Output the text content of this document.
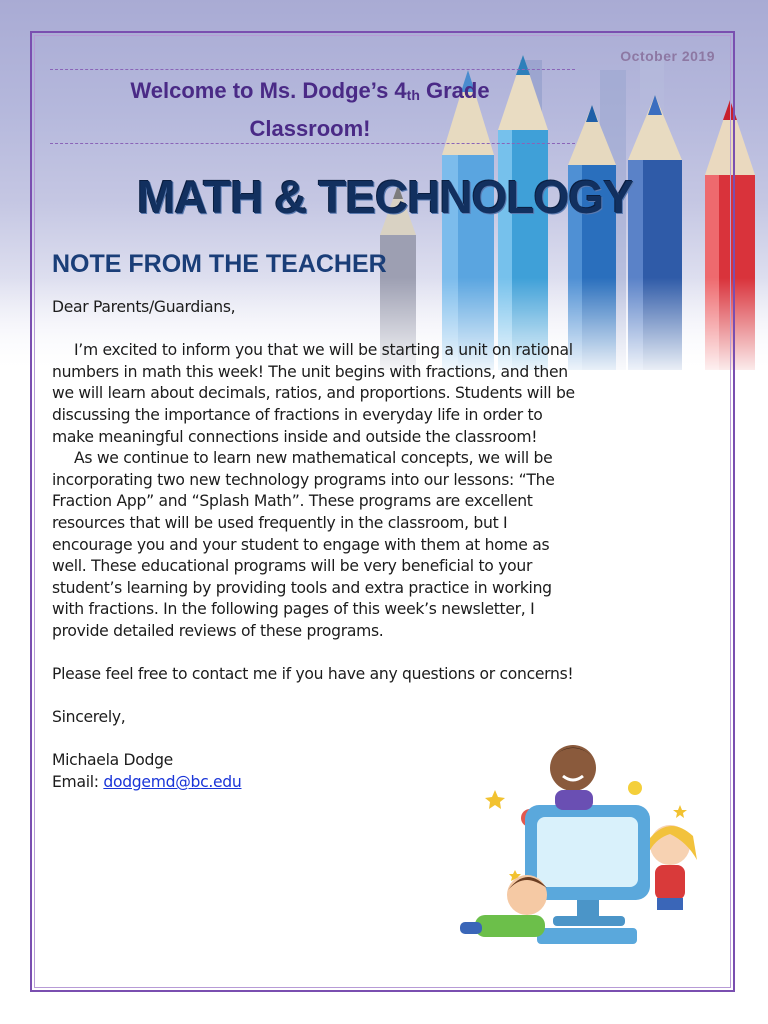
October 2019
Welcome to Ms. Dodge’s $4_{th}$ Grade
Classroom!
MATH & TECHNOLOGY
NOTE FROM THE TEACHER

Dear Parents/Guardians,

I’m excited to inform you that we will be starting a unit on rational numbers in math this week! The unit begins with fractions, and then we will learn about decimals, ratios, and proportions. Students will be discussing the importance of fractions in everyday life in order to make meaningful connections inside and outside the classroom!

As we continue to learn new mathematical concepts, we will be incorporating two new technology programs into our lessons: “The Fraction App” and “Splash Math”. These programs are excellent resources that will be used frequently in the classroom, but I encourage you and your student to engage with them at home as well. These educational programs will be very beneficial to your student’s learning by providing tools and extra practice in working with fractions. In the following pages of this week’s newsletter, I provide detailed reviews of these programs.

Please feel free to contact me if you have any questions or concerns!

Sincerely,

Michaela Dodge

Email: dodgemd@bc.edu
